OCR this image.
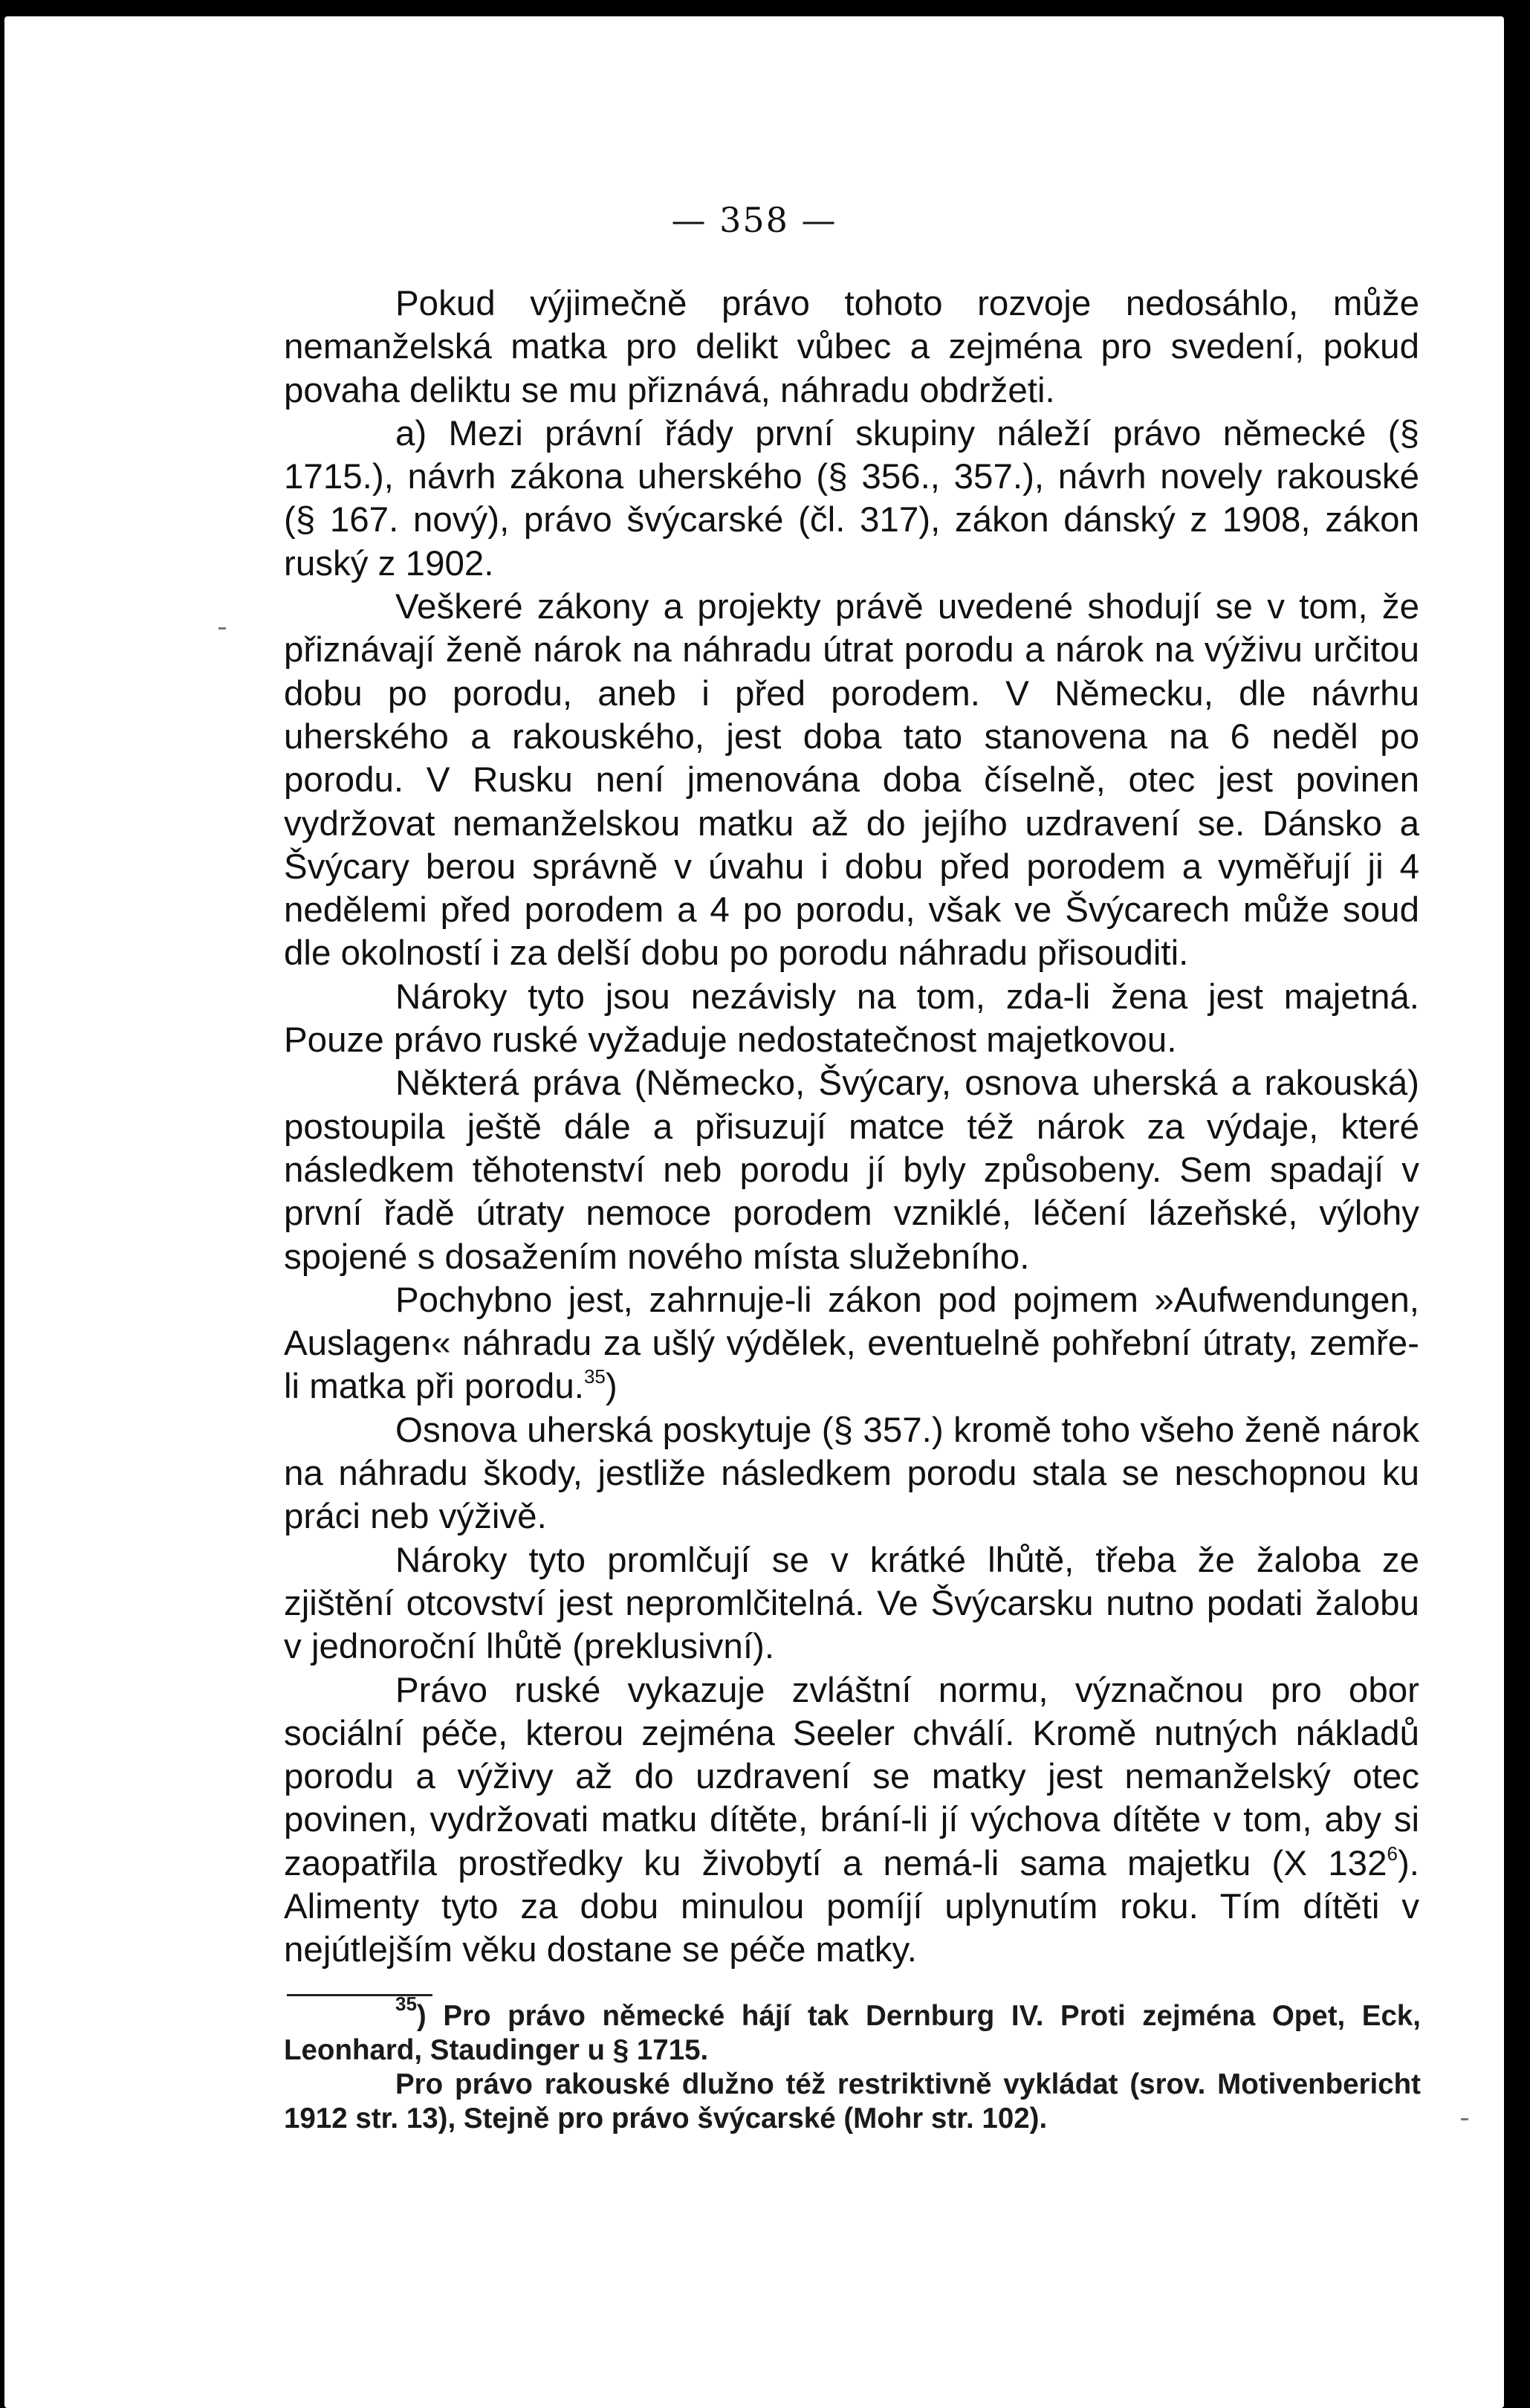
— 358 —

Pokud výjimečně právo tohoto rozvoje nedosáhlo, může nemanželská matka pro delikt vůbec a zejména pro svedení, pokud povaha deliktu se mu přiznává, náhradu obdržeti.

a) Mezi právní řády první skupiny náleží právo německé (§ 1715.), návrh zákona uherského (§ 356., 357.), návrh novely rakouské (§ 167. nový), právo švýcarské (čl. 317), zákon dánský z 1908, zákon ruský z 1902.

Veškeré zákony a projekty právě uvedené shodují se v tom, že přiznávají ženě nárok na náhradu útrat porodu a nárok na výživu určitou dobu po porodu, aneb i před porodem. V Německu, dle návrhu uherského a rakouského, jest doba tato stanovena na 6 neděl po porodu. V Rusku není jmenována doba číselně, otec jest povinen vydržovat nemanželskou matku až do jejího uzdravení se. Dánsko a Švýcary berou správně v úvahu i dobu před porodem a vyměřují ji 4 nedělemi před porodem a 4 po porodu, však ve Švýcarech může soud dle okolností i za delší dobu po porodu náhradu přisouditi.

Nároky tyto jsou nezávisly na tom, zda-li žena jest majetná. Pouze právo ruské vyžaduje nedostatečnost majetkovou.

Některá práva (Německo, Švýcary, osnova uherská a rakouská) postoupila ještě dále a přisuzují matce též nárok za výdaje, které následkem těhotenství neb porodu jí byly způsobeny. Sem spadají v první řadě útraty nemoce porodem vzniklé, léčení lázeňské, výlohy spojené s dosažením nového místa služebního.

Pochybno jest, zahrnuje-li zákon pod pojmem »Aufwendungen, Auslagen« náhradu za ušlý výdělek, eventuelně pohřební útraty, zemře-li matka při porodu.$^{35}$)

Osnova uherská poskytuje (§ 357.) kromě toho všeho ženě nárok na náhradu škody, jestliže následkem porodu stala se neschopnou ku práci neb výživě.

Nároky tyto promlčují se v krátké lhůtě, třeba že žaloba ze zjištění otcovství jest nepromlčitelná. Ve Švýcarsku nutno podati žalobu v jednoroční lhůtě (preklusivní).

Právo ruské vykazuje zvláštní normu, význačnou pro obor sociální péče, kterou zejména Seeler chválí. Kromě nutných nákladů porodu a výživy až do uzdravení se matky jest nemanželský otec povinen, vydržovati matku dítěte, brání-li jí výchova dítěte v tom, aby si zaopatřila prostředky ku živobytí a nemá-li sama majetku (X $132^6$). Alimenty tyto za dobu minulou pomíjí uplynutím roku. Tím dítěti v nejútlejším věku dostane se péče matky.

$^{35}$) Pro právo německé hájí tak Dernburg IV. Proti zejména Opet, Eck, Leonhard, Staudinger u § 1715.

Pro právo rakouské dlužno též restriktivně vykládat (srov. Motivenbericht 1912 str. 13), Stejně pro právo švýcarské (Mohr str. 102).
